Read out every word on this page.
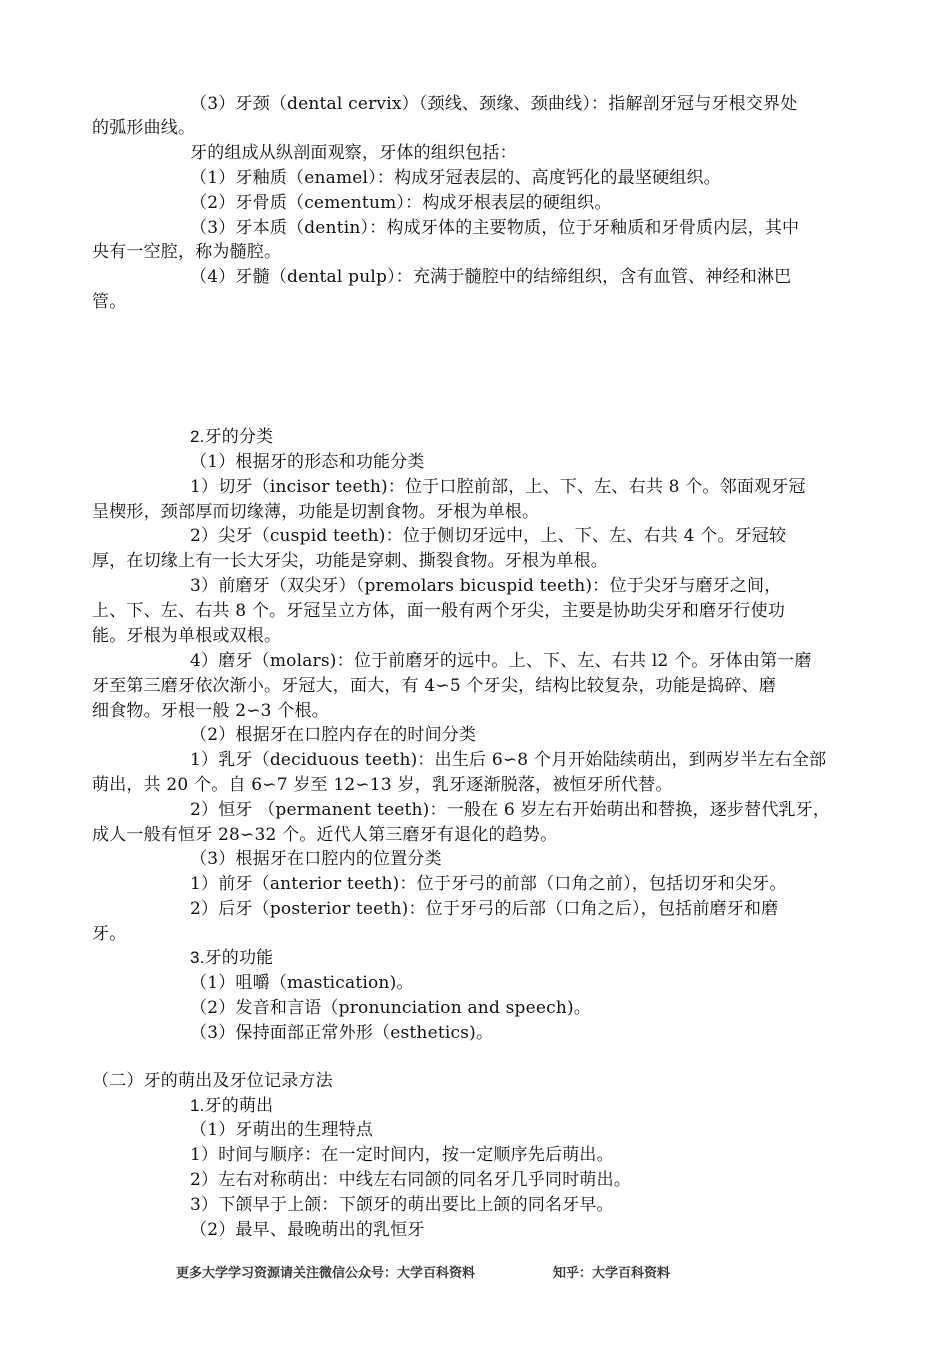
（3）牙颈（dental cervix）（颈线、颈缘、颈曲线）：指解剖牙冠与牙根交界处
的弧形曲线。
牙的组成从纵剖面观察，牙体的组织包括：
（1）牙釉质（enamel）：构成牙冠表层的、高度钙化的最坚硬组织。
（2）牙骨质（cementum）：构成牙根表层的硬组织。
（3）牙本质（dentin）：构成牙体的主要物质，位于牙釉质和牙骨质内层，其中
央有一空腔，称为髓腔。
（4）牙髓（dental pulp）：充满于髓腔中的结缔组织，含有血管、神经和淋巴
管。
2.牙的分类
（1）根据牙的形态和功能分类
1）切牙（incisor teeth)：位于口腔前部，上、下、左、右共 8 个。邻面观牙冠
呈楔形，颈部厚而切缘薄，功能是切割食物。牙根为单根。
2）尖牙（cuspid teeth)：位于侧切牙远中，上、下、左、右共 4 个。牙冠较
厚，在切缘上有一长大牙尖，功能是穿刺、撕裂食物。牙根为单根。
3）前磨牙（双尖牙）（premolars bicuspid teeth)：位于尖牙与磨牙之间，
上、下、左、右共 8 个。牙冠呈立方体，面一般有两个牙尖，主要是协助尖牙和磨牙行使功
能。牙根为单根或双根。
4）磨牙（molars)：位于前磨牙的远中。上、下、左、右共 l2 个。牙体由第一磨
牙至第三磨牙依次渐小。牙冠大，面大，有 4∽5 个牙尖，结构比较复杂，功能是捣碎、磨
细食物。牙根一般 2∽3 个根。
（2）根据牙在口腔内存在的时间分类
1）乳牙（deciduous teeth)：出生后 6∽8 个月开始陆续萌出，到两岁半左右全部
萌出，共 20 个。自 6∽7 岁至 12∽13 岁，乳牙逐渐脱落，被恒牙所代替。
2）恒牙 （permanent teeth)：一般在 6 岁左右开始萌出和替换，逐步替代乳牙，
成人一般有恒牙 28∽32 个。近代人第三磨牙有退化的趋势。
（3）根据牙在口腔内的位置分类
1）前牙（anterior teeth)：位于牙弓的前部（口角之前），包括切牙和尖牙。
2）后牙（posterior teeth)：位于牙弓的后部（口角之后），包括前磨牙和磨
牙。
3.牙的功能
（1）咀嚼（mastication)。
（2）发音和言语（pronunciation and speech)。
（3）保持面部正常外形（esthetics)。
（二）牙的萌出及牙位记录方法
1.牙的萌出
（1）牙萌出的生理特点
1）时间与顺序：在一定时间内，按一定顺序先后萌出。
2）左右对称萌出：中线左右同颌的同名牙几乎同时萌出。
3）下颌早于上颌：下颌牙的萌出要比上颌的同名牙早。
（2）最早、最晚萌出的乳恒牙
更多大学学习资源请关注微信公众号：大学百科资料	知乎：大学百科资料
